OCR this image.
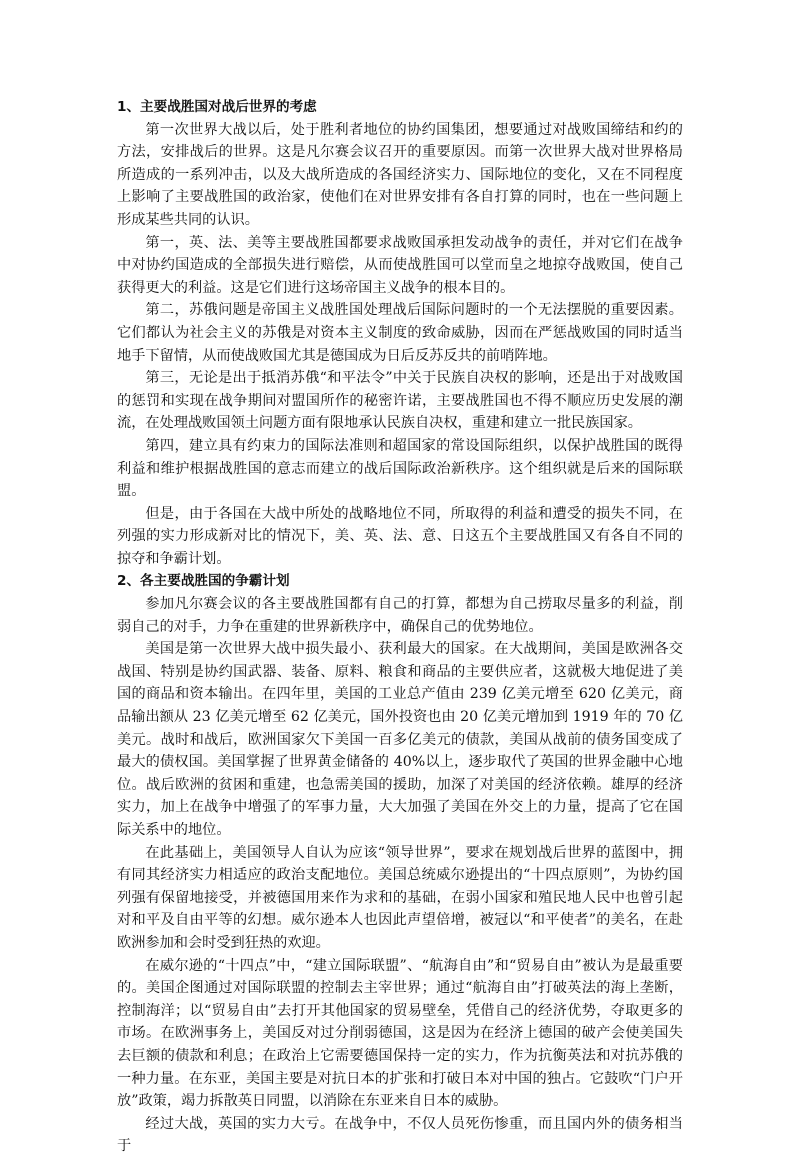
1、主要战胜国对战后世界的考虑

第一次世界大战以后，处于胜利者地位的协约国集团，想要通过对战败国缔结和约的方法，安排战后的世界。这是凡尔赛会议召开的重要原因。而第一次世界大战对世界格局所造成的一系列冲击，以及大战所造成的各国经济实力、国际地位的变化，又在不同程度上影响了主要战胜国的政治家，使他们在对世界安排有各自打算的同时，也在一些问题上形成某些共同的认识。

第一，英、法、美等主要战胜国都要求战败国承担发动战争的责任，并对它们在战争中对协约国造成的全部损失进行赔偿，从而使战胜国可以堂而皇之地掠夺战败国，使自己获得更大的利益。这是它们进行这场帝国主义战争的根本目的。

第二，苏俄问题是帝国主义战胜国处理战后国际问题时的一个无法摆脱的重要因素。它们都认为社会主义的苏俄是对资本主义制度的致命威胁，因而在严惩战败国的同时适当地手下留情，从而使战败国尤其是德国成为日后反苏反共的前哨阵地。

第三，无论是出于抵消苏俄“和平法令”中关于民族自决权的影响，还是出于对战败国的惩罚和实现在战争期间对盟国所作的秘密许诺，主要战胜国也不得不顺应历史发展的潮流，在处理战败国领土问题方面有限地承认民族自决权，重建和建立一批民族国家。

第四，建立具有约束力的国际法准则和超国家的常设国际组织，以保护战胜国的既得利益和维护根据战胜国的意志而建立的战后国际政治新秩序。这个组织就是后来的国际联盟。

但是，由于各国在大战中所处的战略地位不同，所取得的利益和遭受的损失不同，在列强的实力形成新对比的情况下，美、英、法、意、日这五个主要战胜国又有各自不同的掠夺和争霸计划。

2、各主要战胜国的争霸计划

参加凡尔赛会议的各主要战胜国都有自己的打算，都想为自己捞取尽量多的利益，削弱自己的对手，力争在重建的世界新秩序中，确保自己的优势地位。

美国是第一次世界大战中损失最小、获利最大的国家。在大战期间，美国是欧洲各交战国、特别是协约国武器、装备、原料、粮食和商品的主要供应者，这就极大地促进了美国的商品和资本输出。在四年里，美国的工业总产值由 239 亿美元增至 620 亿美元，商品输出额从 23 亿美元增至 62 亿美元，国外投资也由 20 亿美元增加到 1919 年的 70 亿美元。战时和战后，欧洲国家欠下美国一百多亿美元的债款，美国从战前的债务国变成了最大的债权国。美国掌握了世界黄金储备的 40%以上，逐步取代了英国的世界金融中心地位。战后欧洲的贫困和重建，也急需美国的援助，加深了对美国的经济依赖。雄厚的经济实力，加上在战争中增强了的军事力量，大大加强了美国在外交上的力量，提高了它在国际关系中的地位。

在此基础上，美国领导人自认为应该“领导世界”，要求在规划战后世界的蓝图中，拥有同其经济实力相适应的政治支配地位。美国总统威尔逊提出的“十四点原则”，为协约国列强有保留地接受，并被德国用来作为求和的基础，在弱小国家和殖民地人民中也曾引起对和平及自由平等的幻想。威尔逊本人也因此声望倍增，被冠以“和平使者”的美名，在赴欧洲参加和会时受到狂热的欢迎。

在威尔逊的“十四点”中，“建立国际联盟”、“航海自由”和“贸易自由”被认为是最重要的。美国企图通过对国际联盟的控制去主宰世界；通过“航海自由”打破英法的海上垄断，控制海洋；以“贸易自由”去打开其他国家的贸易壁垒，凭借自己的经济优势，夺取更多的市场。在欧洲事务上，美国反对过分削弱德国，这是因为在经济上德国的破产会使美国失去巨额的债款和利息；在政治上它需要德国保持一定的实力，作为抗衡英法和对抗苏俄的一种力量。在东亚，美国主要是对抗日本的扩张和打破日本对中国的独占。它鼓吹“门户开放”政策，竭力拆散英日同盟，以消除在东亚来自日本的威胁。

经过大战，英国的实力大亏。在战争中，不仅人员死伤惨重，而且国内外的债务相当于
